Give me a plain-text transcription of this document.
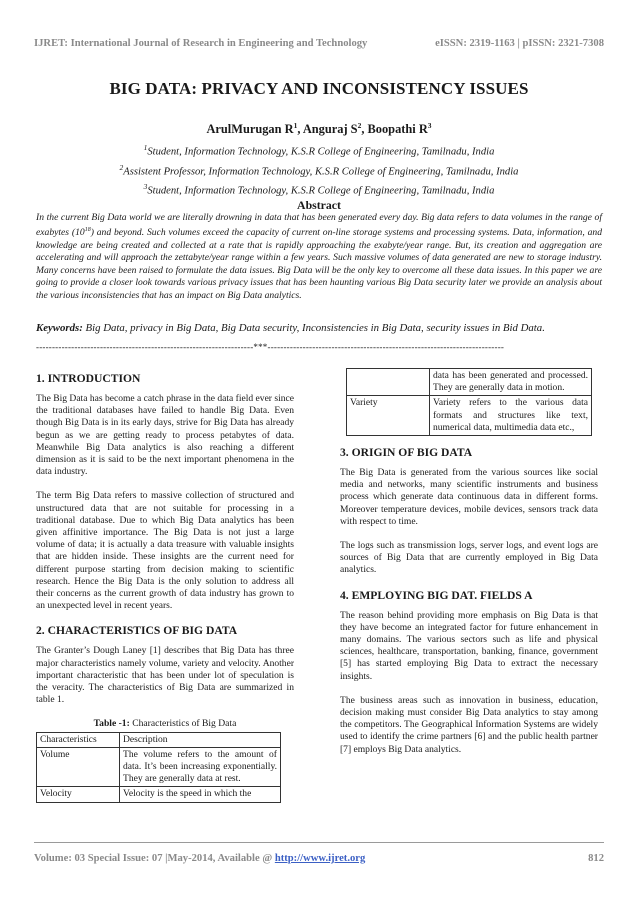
IJRET: International Journal of Research in Engineering and Technology	eISSN: 2319-1163 | pISSN: 2321-7308
BIG DATA: PRIVACY AND INCONSISTENCY ISSUES
ArulMurugan $R^1$, Anguraj $S^2$, Boopathi $R^3$
$^1$Student, Information Technology, K.S.R College of Engineering, Tamilnadu, India
$^2$Assistent Professor, Information Technology, K.S.R College of Engineering, Tamilnadu, India
$^3$Student, Information Technology, K.S.R College of Engineering, Tamilnadu, India
Abstract
In the current Big Data world we are literally drowning in data that has been generated every day. Big data refers to data volumes in the range of exabytes $(10^{18})$ and beyond. Such volumes exceed the capacity of current on-line storage systems and processing systems. Data, information, and knowledge are being created and collected at a rate that is rapidly approaching the exabyte/year range. But, its creation and aggregation are accelerating and will approach the zettabyte/year range within a few years. Such massive volumes of data generated are new to storage industry. Many concerns have been raised to formulate the data issues. Big Data will be the only key to overcome all these data issues. In this paper we are going to provide a closer look towards various privacy issues that has been haunting various Big Data security later we provide an analysis about the various inconsistencies that has an impact on Big Data analytics.
Keywords: Big Data, privacy in Big Data, Big Data security, Inconsistencies in Big Data, security issues in Bid Data.
--------------------------------------------------------------------***--------------------------------------------------------------------------
1. INTRODUCTION

The Big Data has become a catch phrase in the data field ever since the traditional databases have failed to handle Big Data. Even though Big Data is in its early days, strive for Big Data has already begun as we are getting ready to process petabytes of data. Meanwhile Big Data analytics is also reaching a different dimension as it is said to be the next important phenomena in the data industry.

The term Big Data refers to massive collection of structured and unstructured data that are not suitable for processing in a traditional database. Due to which Big Data analytics has been given affinitive importance. The Big Data is not just a large volume of data; it is actually a data treasure with valuable insights that are hidden inside. These insights are the current need for different purpose starting from decision making to scientific research. Hence the Big Data is the only solution to address all their concerns as the current growth of data industry has grown to an unexpected level in recent years.

2. CHARACTERISTICS OF BIG DATA

The Granter’s Dough Laney [1] describes that Big Data has three major characteristics namely volume, variety and velocity. Another important characteristic that has been under lot of speculation is the veracity. The characteristics of Big Data are summarized in table 1.

Table -1: Characteristics of Big Data
Characteristics	Description
Volume	The volume refers to the amount of data. It’s been increasing exponentially. They are generally data at rest.
Velocity	Velocity is the speed in which the
	data has been generated and processed. They are generally data in motion.
Variety	Variety refers to the various data formats and structures like text, numerical data, multimedia data etc.,
3. ORIGIN OF BIG DATA

The Big Data is generated from the various sources like social media and networks, many scientific instruments and business process which generate data continuous data in different forms. Moreover temperature devices, mobile devices, sensors track data with respect to time.

The logs such as transmission logs, server logs, and event logs are sources of Big Data that are currently employed in Big Data analytics.

4. EMPLOYING BIG DAT. FIELDS A

The reason behind providing more emphasis on Big Data is that they have become an integrated factor for future enhancement in many domains. The various sectors such as life and physical sciences, healthcare, transportation, banking, finance, government [5] has started employing Big Data to extract the necessary insights.

The business areas such as innovation in business, education, decision making must consider Big Data analytics to stay among the competitors. The Geographical Information Systems are widely used to identify the crime partners [6] and the public health partner [7] employs Big Data analytics.

Volume: 03 Special Issue: 07 |May-2014, Available @ http://www.ijret.org	812
